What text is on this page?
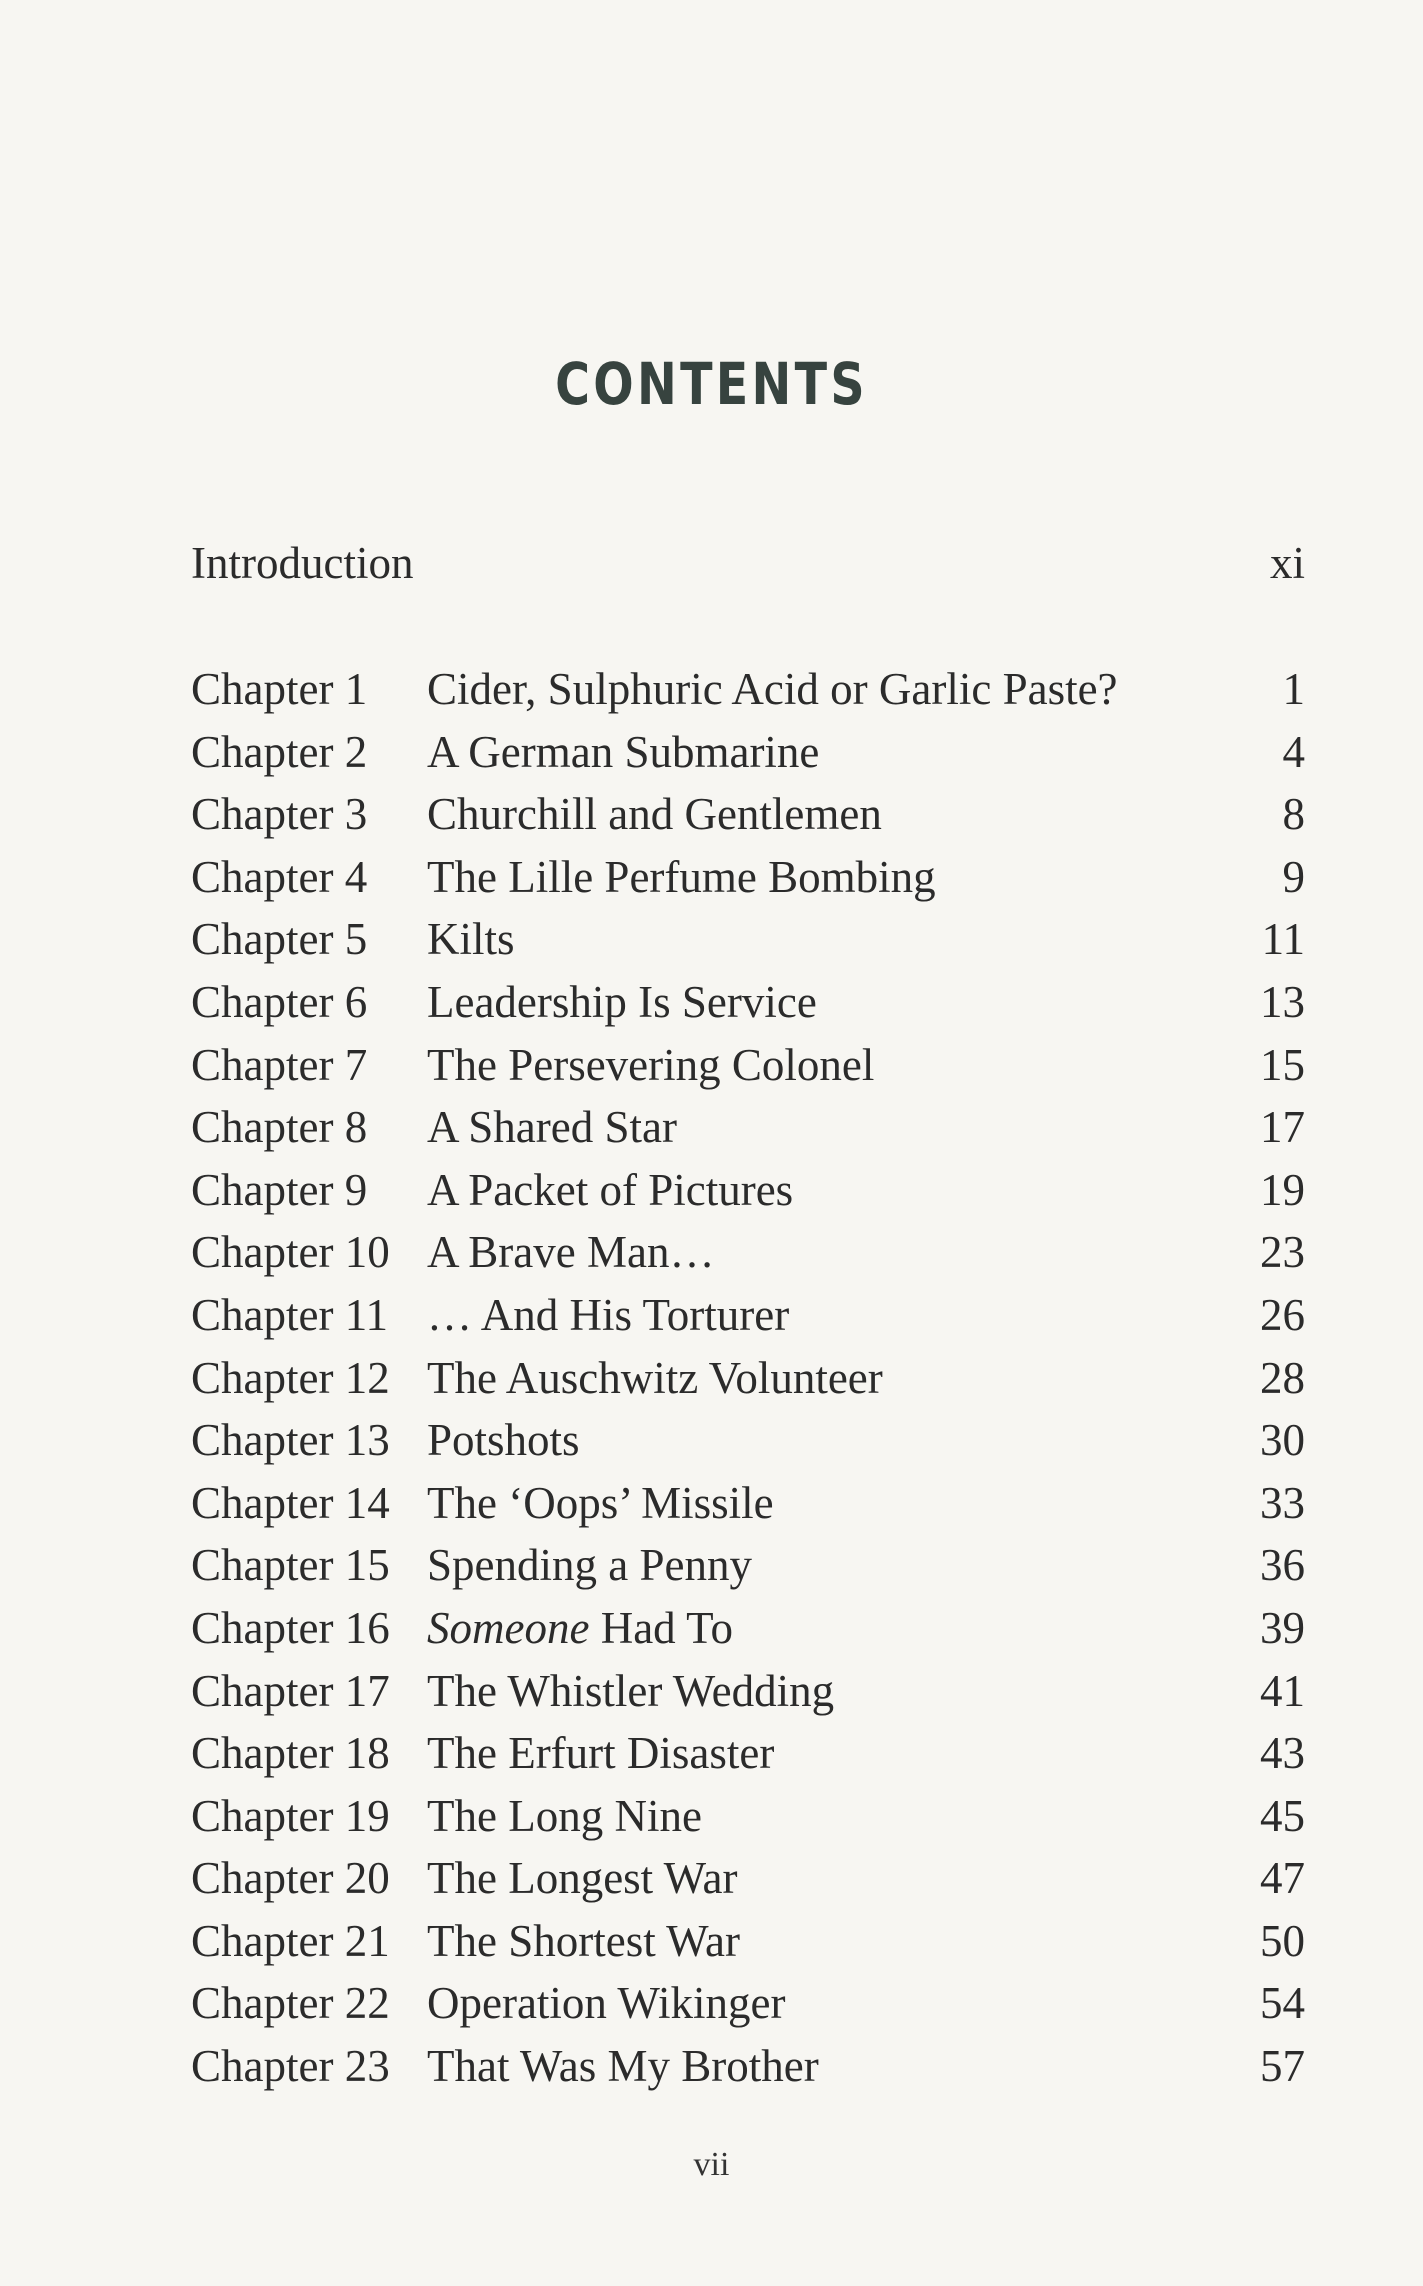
CONTENTS
Introduction	xi
Chapter 1 Cider, Sulphuric Acid or Garlic Paste?	1
Chapter 2 A German Submarine	4
Chapter 3 Churchill and Gentlemen	8
Chapter 4 The Lille Perfume Bombing	9
Chapter 5 Kilts	11
Chapter 6 Leadership Is Service	13
Chapter 7 The Persevering Colonel	15
Chapter 8 A Shared Star	17
Chapter 9 A Packet of Pictures	19
Chapter 10 A Brave Man…	23
Chapter 11 … And His Torturer	26
Chapter 12 The Auschwitz Volunteer	28
Chapter 13 Potshots	30
Chapter 14 The ‘Oops’ Missile	33
Chapter 15 Spending a Penny	36
Chapter 16 Someone Had To	39
Chapter 17 The Whistler Wedding	41
Chapter 18 The Erfurt Disaster	43
Chapter 19 The Long Nine	45
Chapter 20 The Longest War	47
Chapter 21 The Shortest War	50
Chapter 22 Operation Wikinger	54
Chapter 23 That Was My Brother	57
vii
